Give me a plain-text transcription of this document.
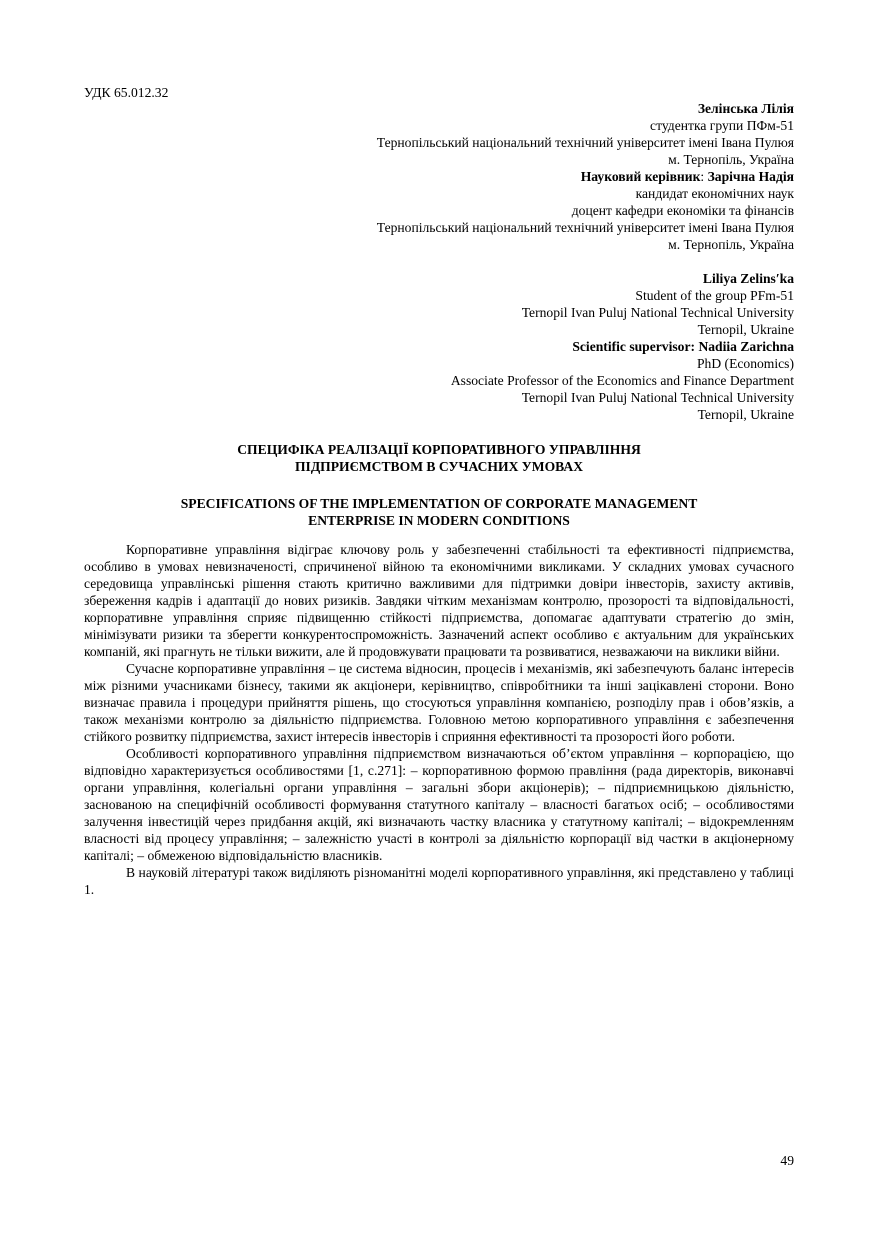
УДК 65.012.32
Зелінська Лілія
студентка групи ПФм-51
Тернопільський національний технічний університет імені Івана Пулюя
м. Тернопіль, Україна
Науковий керівник: Зарічна Надія
кандидат економічних наук
доцент кафедри економіки та фінансів
Тернопільський національний технічний університет імені Івана Пулюя
м. Тернопіль, Україна
Liliya Zelins′ka
Student of the group PFm-51
Ternopil Ivan Puluj National Technical University
Ternopil, Ukraine
Scientific supervisor: Nadiia Zarichna
PhD (Economics)
Associate Professor of the Economics and Finance Department
Ternopil Ivan Puluj National Technical University
Ternopil, Ukraine
СПЕЦИФІКА РЕАЛІЗАЦІЇ КОРПОРАТИВНОГО УПРАВЛІННЯ
ПІДПРИЄМСТВОМ В СУЧАСНИХ УМОВАХ
SPECIFICATIONS OF THE IMPLEMENTATION OF CORPORATE MANAGEMENT
ENTERPRISE IN MODERN CONDITIONS

Корпоративне управління відіграє ключову роль у забезпеченні стабільності та ефективності підприємства, особливо в умовах невизначеності, спричиненої війною та економічними викликами. У складних умовах сучасного середовища управлінські рішення стають критично важливими для підтримки довіри інвесторів, захисту активів, збереження кадрів і адаптації до нових ризиків. Завдяки чітким механізмам контролю, прозорості та відповідальності, корпоративне управління сприяє підвищенню стійкості підприємства, допомагає адаптувати стратегію до змін, мінімізувати ризики та зберегти конкурентоспроможність. Зазначений аспект особливо є актуальним для українських компаній, які прагнуть не тільки вижити, але й продовжувати працювати та розвиватися, незважаючи на виклики війни.

Сучасне корпоративне управління – це система відносин, процесів і механізмів, які забезпечують баланс інтересів між різними учасниками бізнесу, такими як акціонери, керівництво, співробітники та інші зацікавлені сторони. Воно визначає правила і процедури прийняття рішень, що стосуються управління компанією, розподілу прав і обов’язків, а також механізми контролю за діяльністю підприємства. Головною метою корпоративного управління є забезпечення стійкого розвитку підприємства, захист інтересів інвесторів і сприяння ефективності та прозорості його роботи.

Особливості корпоративного управління підприємством визначаються об’єктом управління – корпорацією, що відповідно характеризується особливостями [1, с.271]: – корпоративною формою правління (рада директорів, виконавчі органи управління, колегіальні органи управління – загальні збори акціонерів); – підприємницькою діяльністю, заснованою на специфічній особливості формування статутного капіталу – власності багатьох осіб; – особливостями залучення інвестицій через придбання акцій, які визначають частку власника у статутному капіталі; – відокремленням власності від процесу управління; – залежністю участі в контролі за діяльністю корпорації від частки в акціонерному капіталі; – обмеженою відповідальністю власників.

В науковій літературі також виділяють різноманітні моделі корпоративного управління, які представлено у таблиці 1.

49
